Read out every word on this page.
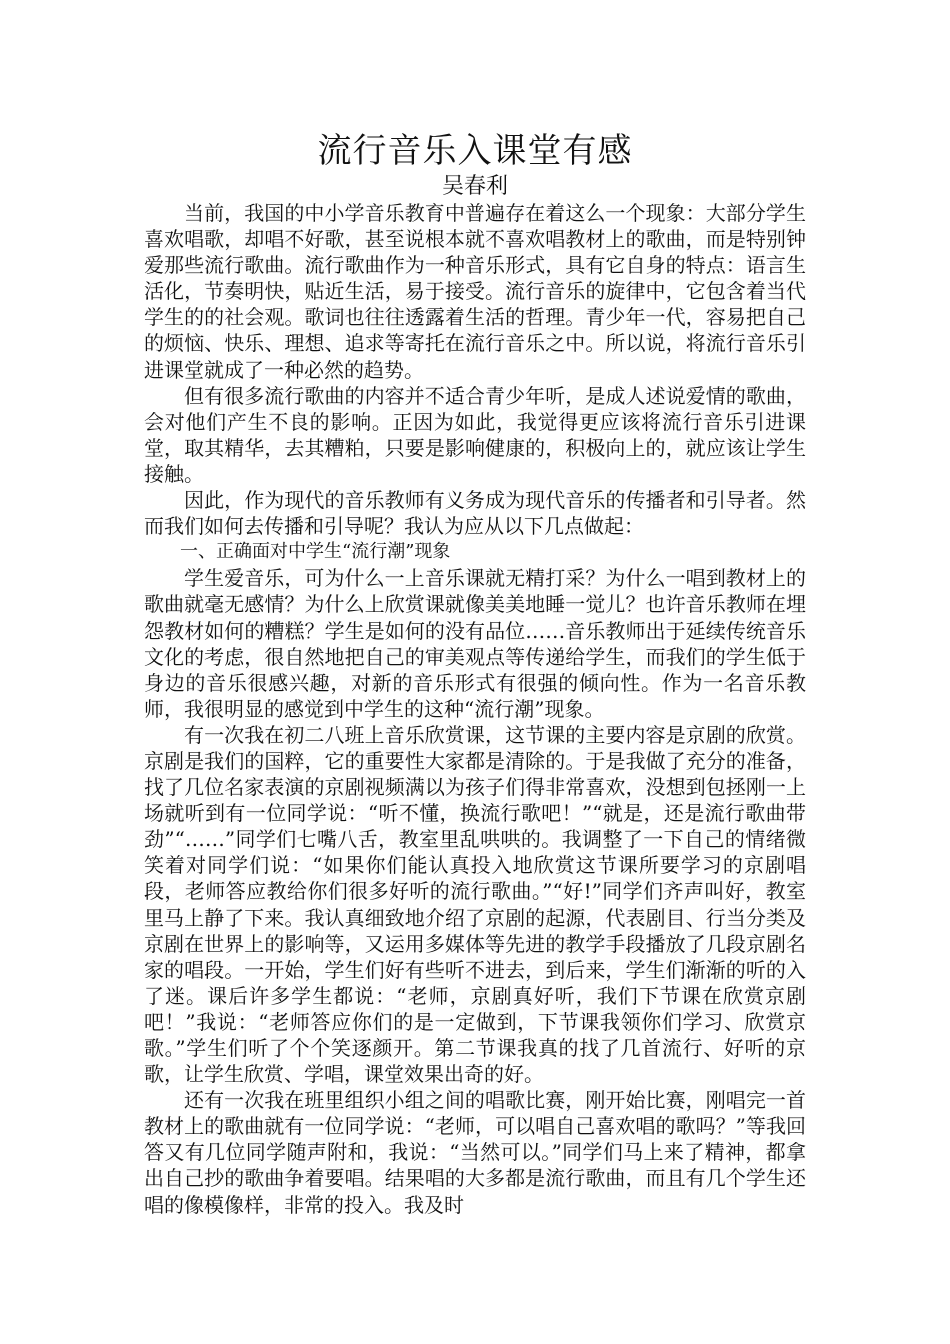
流行音乐入课堂有感

吴春利

当前，我国的中小学音乐教育中普遍存在着这么一个现象：大部分学生喜欢唱歌，却唱不好歌，甚至说根本就不喜欢唱教材上的歌曲，而是特别钟爱那些流行歌曲。流行歌曲作为一种音乐形式，具有它自身的特点：语言生活化，节奏明快，贴近生活，易于接受。流行音乐的旋律中，它包含着当代学生的的社会观。歌词也往往透露着生活的哲理。青少年一代，容易把自己的烦恼、快乐、理想、追求等寄托在流行音乐之中。所以说，将流行音乐引进课堂就成了一种必然的趋势。

但有很多流行歌曲的内容并不适合青少年听，是成人述说爱情的歌曲，会对他们产生不良的影响。正因为如此，我觉得更应该将流行音乐引进课堂，取其精华，去其糟粕，只要是影响健康的，积极向上的，就应该让学生接触。

因此，作为现代的音乐教师有义务成为现代音乐的传播者和引导者。然而我们如何去传播和引导呢？我认为应从以下几点做起：

一、正确面对中学生“流行潮”现象

学生爱音乐，可为什么一上音乐课就无精打采？为什么一唱到教材上的歌曲就毫无感情？为什么上欣赏课就像美美地睡一觉儿？也许音乐教师在埋怨教材如何的糟糕？学生是如何的没有品位……音乐教师出于延续传统音乐文化的考虑，很自然地把自己的审美观点等传递给学生，而我们的学生低于身边的音乐很感兴趣，对新的音乐形式有很强的倾向性。作为一名音乐教师，我很明显的感觉到中学生的这种“流行潮”现象。

有一次我在初二八班上音乐欣赏课，这节课的主要内容是京剧的欣赏。京剧是我们的国粹，它的重要性大家都是清除的。于是我做了充分的准备，找了几位名家表演的京剧视频满以为孩子们得非常喜欢，没想到包拯刚一上场就听到有一位同学说：“听不懂，换流行歌吧！”“就是，还是流行歌曲带劲”“……”同学们七嘴八舌，教室里乱哄哄的。我调整了一下自己的情绪微笑着对同学们说：“如果你们能认真投入地欣赏这节课所要学习的京剧唱段，老师答应教给你们很多好听的流行歌曲。”“好!”同学们齐声叫好，教室里马上静了下来。我认真细致地介绍了京剧的起源，代表剧目、行当分类及京剧在世界上的影响等，又运用多媒体等先进的教学手段播放了几段京剧名家的唱段。一开始，学生们好有些听不进去，到后来，学生们渐渐的听的入了迷。课后许多学生都说：“老师，京剧真好听，我们下节课在欣赏京剧吧！”我说：“老师答应你们的是一定做到，下节课我领你们学习、欣赏京歌。”学生们听了个个笑逐颜开。第二节课我真的找了几首流行、好听的京歌，让学生欣赏、学唱，课堂效果出奇的好。

还有一次我在班里组织小组之间的唱歌比赛，刚开始比赛，刚唱完一首教材上的歌曲就有一位同学说：“老师，可以唱自己喜欢唱的歌吗？”等我回答又有几位同学随声附和，我说：“当然可以。”同学们马上来了精神，都拿出自己抄的歌曲争着要唱。结果唱的大多都是流行歌曲，而且有几个学生还唱的像模像样，非常的投入。我及时
